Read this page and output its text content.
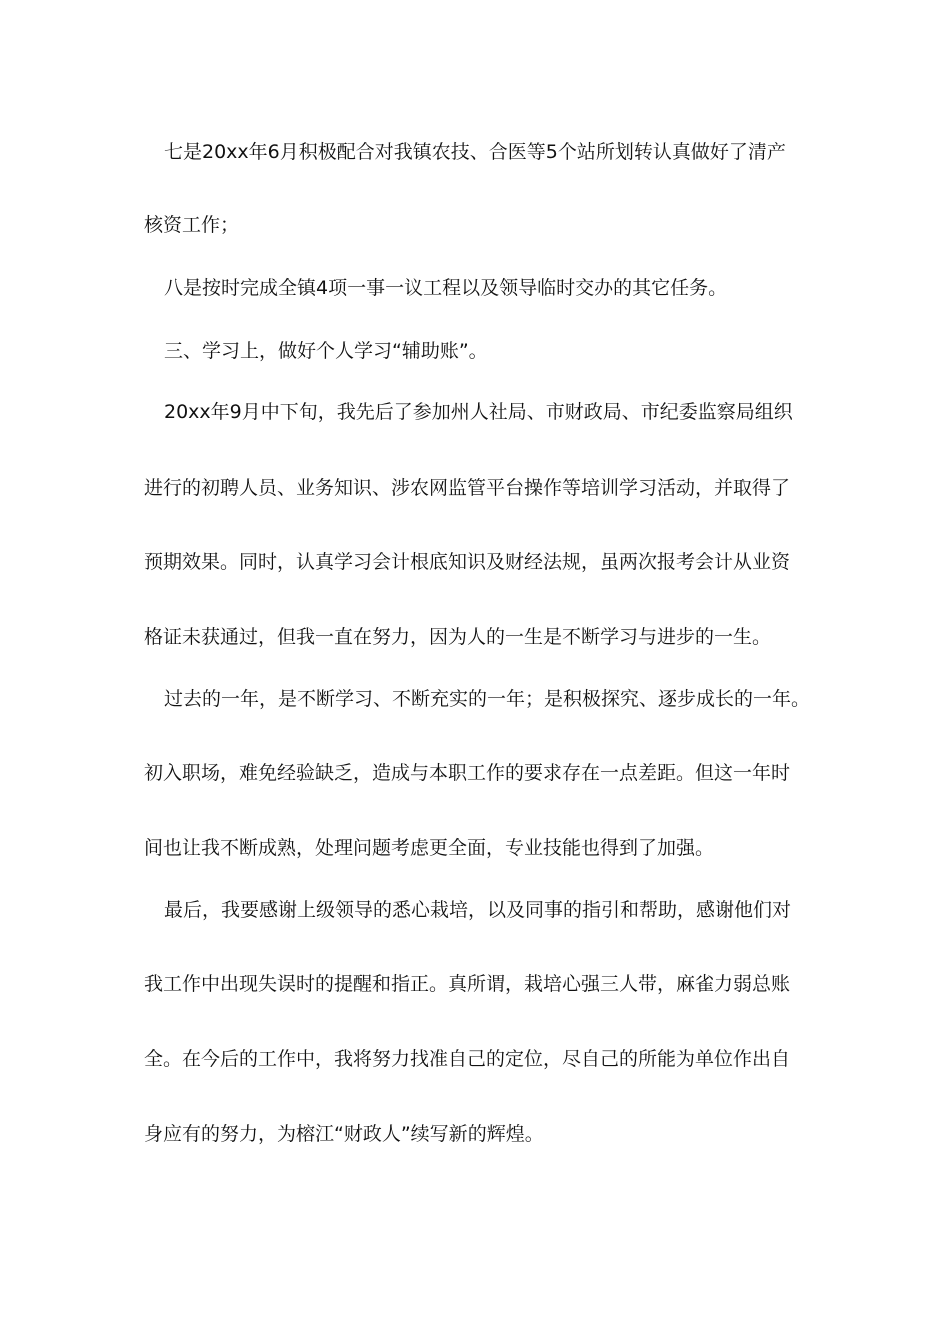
七是20xx年6月积极配合对我镇农技、合医等5个站所划转认真做好了清产
核资工作；
八是按时完成全镇4项一事一议工程以及领导临时交办的其它任务。
三、学习上，做好个人学习“辅助账”。
20xx年9月中下旬，我先后了参加州人社局、市财政局、市纪委监察局组织
进行的初聘人员、业务知识、涉农网监管平台操作等培训学习活动，并取得了
预期效果。同时，认真学习会计根底知识及财经法规，虽两次报考会计从业资
格证未获通过，但我一直在努力，因为人的一生是不断学习与进步的一生。
过去的一年，是不断学习、不断充实的一年；是积极探究、逐步成长的一年。
初入职场，难免经验缺乏，造成与本职工作的要求存在一点差距。但这一年时
间也让我不断成熟，处理问题考虑更全面，专业技能也得到了加强。
最后，我要感谢上级领导的悉心栽培，以及同事的指引和帮助，感谢他们对
我工作中出现失误时的提醒和指正。真所谓，栽培心强三人带，麻雀力弱总账
全。在今后的工作中，我将努力找准自己的定位，尽自己的所能为单位作出自
身应有的努力，为榕江“财政人”续写新的辉煌。
